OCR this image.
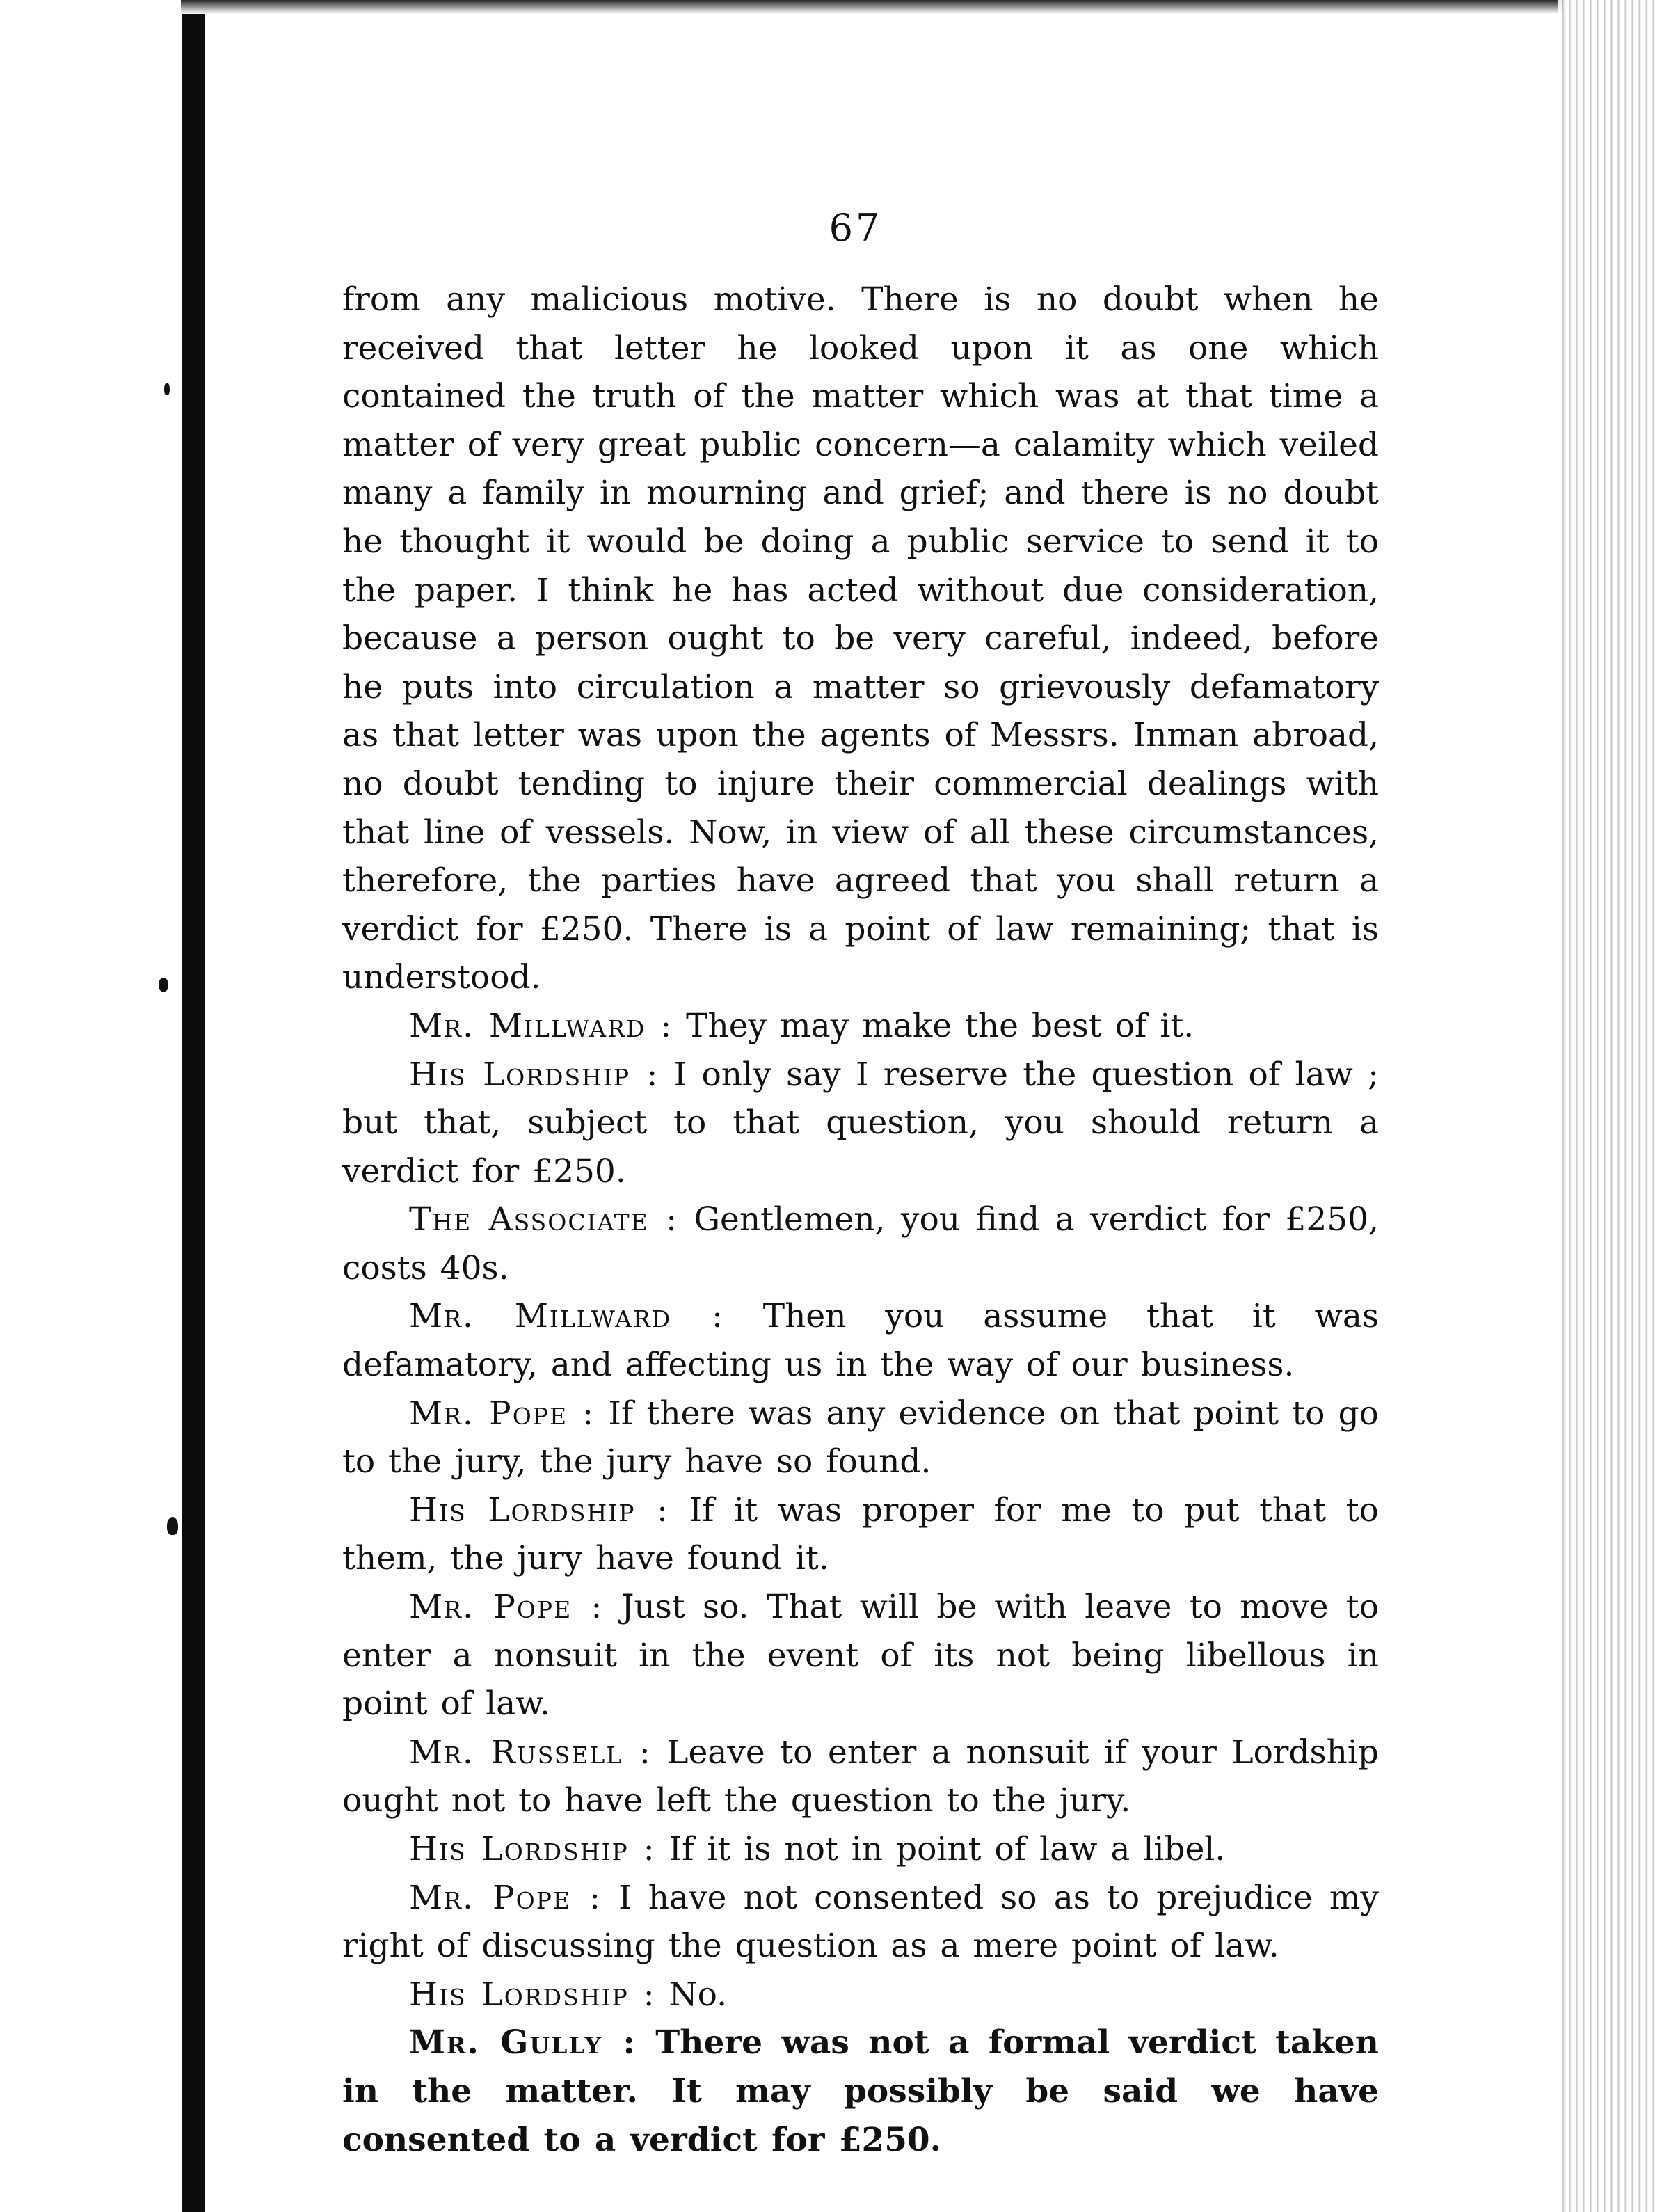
67

from any malicious motive. There is no doubt when he received that letter he looked upon it as one which contained the truth of the matter which was at that time a matter of very great public concern—a calamity which veiled many a family in mourning and grief; and there is no doubt he thought it would be doing a public service to send it to the paper. I think he has acted without due consideration, because a person ought to be very careful, indeed, before he puts into circulation a matter so grievously defamatory as that letter was upon the agents of Messrs. Inman abroad, no doubt tending to injure their commercial dealings with that line of vessels. Now, in view of all these circumstances, therefore, the parties have agreed that you shall return a verdict for £250. There is a point of law remaining; that is understood.

Mr. Millward : They may make the best of it.

His Lordship : I only say I reserve the question of law ; but that, subject to that question, you should return a verdict for £250.

The Associate : Gentlemen, you find a verdict for £250, costs 40s.

Mr. Millward : Then you assume that it was defamatory, and affecting us in the way of our business.

Mr. Pope : If there was any evidence on that point to go to the jury, the jury have so found.

His Lordship : If it was proper for me to put that to them, the jury have found it.

Mr. Pope : Just so. That will be with leave to move to enter a nonsuit in the event of its not being libellous in point of law.

Mr. Russell : Leave to enter a nonsuit if your Lordship ought not to have left the question to the jury.

His Lordship : If it is not in point of law a libel.

Mr. Pope : I have not consented so as to prejudice my right of discussing the question as a mere point of law.

His Lordship : No.

Mr. Gully : There was not a formal verdict taken in the matter. It may possibly be said we have consented to a verdict for £250.
